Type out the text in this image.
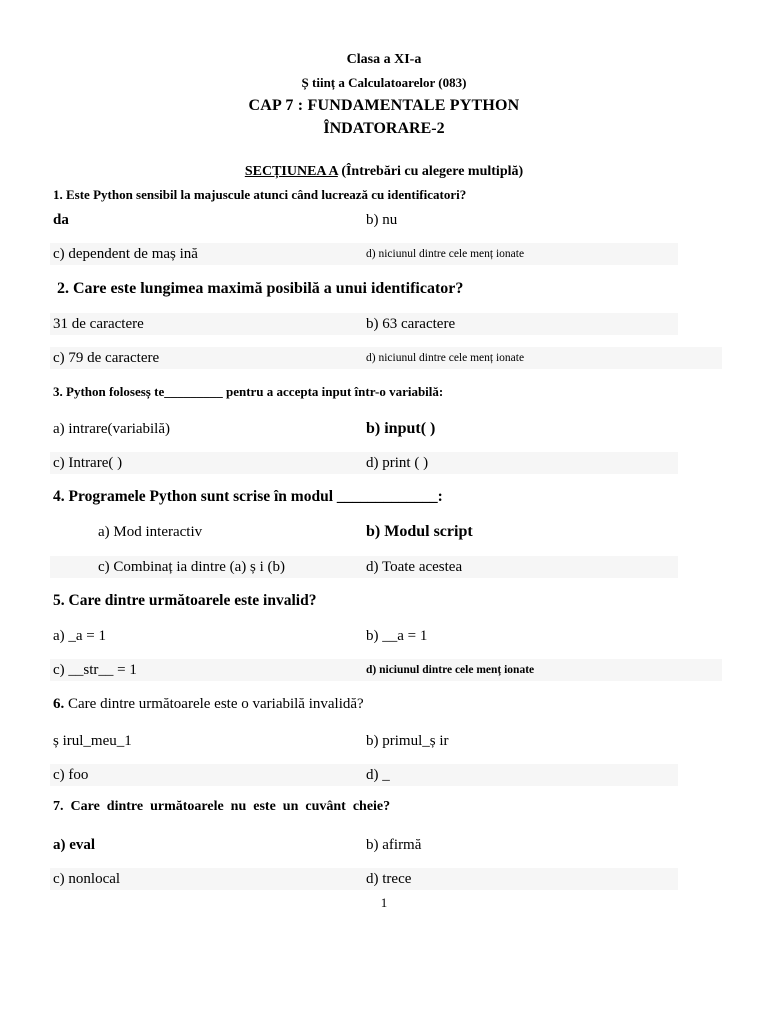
Clasa a XI-a
Ș tiinț a Calculatoarelor (083)
CAP 7 : FUNDAMENTALE PYTHON
ÎNDATORARE-2
SECȚIUNEA A (Întrebări cu alegere multiplă)
1. Este Python sensibil la majuscule atunci când lucrează cu identificatori?
da	b) nu
c) dependent de maș ină	d) niciunul dintre cele menț ionate
2. Care este lungimea maximă posibilă a unui identificator?
31 de caractere	b) 63 caractere
c) 79 de caractere	d) niciunul dintre cele menț ionate
3. Python folosesș te_________ pentru a accepta input într-o variabilă:
a) intrare(variabilă)	b) input( )
c) Intrare( )	d) print ( )
4. Programele Python sunt scrise în modul _____________:
a) Mod interactiv	b) Modul script
c) Combinaț ia dintre (a) ș i (b)	d) Toate acestea
5. Care dintre următoarele este invalid?
a) _a = 1	b) __a = 1
c) __str__ = 1	d) niciunul dintre cele menț ionate
6. Care dintre următoarele este o variabilă invalidă?
ș irul_meu_1	b) primul_ș ir
c) foo	d) _
7.  Care  dintre  următoarele  nu  este  un  cuvânt  cheie?
a) eval	b) afirmă
c) nonlocal	d) trece
1
